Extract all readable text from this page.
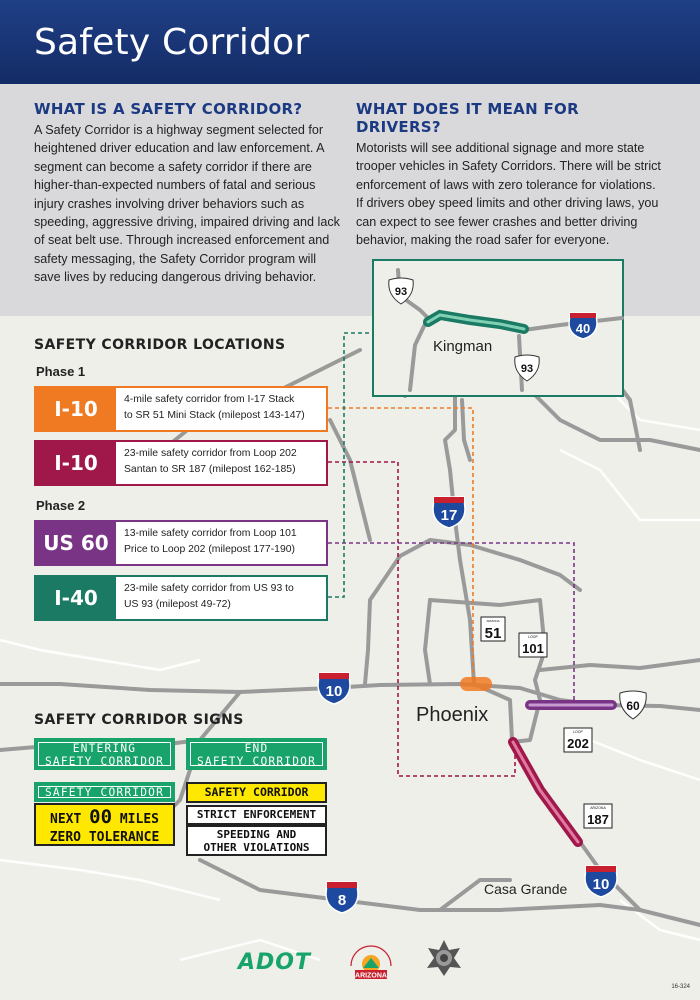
Safety Corridor
WHAT IS A SAFETY CORRIDOR?

A Safety Corridor is a highway segment selected for heightened driver education and law enforcement. A segment can become a safety corridor if there are higher-than-expected numbers of fatal and serious injury crashes involving driver behaviors such as speeding, aggressive driving, impaired driving and lack of seat belt use. Through increased enforcement and safety messaging, the Safety Corridor program will save lives by reducing dangerous driving behavior.

WHAT DOES IT MEAN FOR DRIVERS?

Motorists will see additional signage and more state trooper vehicles in Safety Corridors. There will be strict enforcement of laws with zero tolerance for violations. If drivers obey speed limits and other driving laws, you can expect to see fewer crashes and better driving behavior, making the road safer for everyone.

40
17
10
10
8
93
93
60
ARIZONA
51	LOOP
101
LOOP
202
ARIZONA
187
Kingman
Phoenix
Casa Grande
SAFETY CORRIDOR LOCATIONS
Phase 1
I-10	4-mile safety corridor from I-17 Stack
to SR 51 Mini Stack (milepost 143-147)
I-10	23-mile safety corridor from Loop 202
Santan to SR 187 (milepost 162-185)
Phase 2
US 60	13-mile safety corridor from Loop 101
Price to Loop 202 (milepost 177-190)
I-40	23-mile safety corridor from US 93 to
US 93 (milepost 49-72)
SAFETY CORRIDOR SIGNS
ENTERING
SAFETY CORRIDOR
END
SAFETY CORRIDOR
SAFETY CORRIDOR
NEXT 00 MILES
ZERO TOLERANCE
SAFETY CORRIDOR
STRICT ENFORCEMENT
SPEEDING AND
OTHER VIOLATIONS
ADOT
ARIZONA
16-324
